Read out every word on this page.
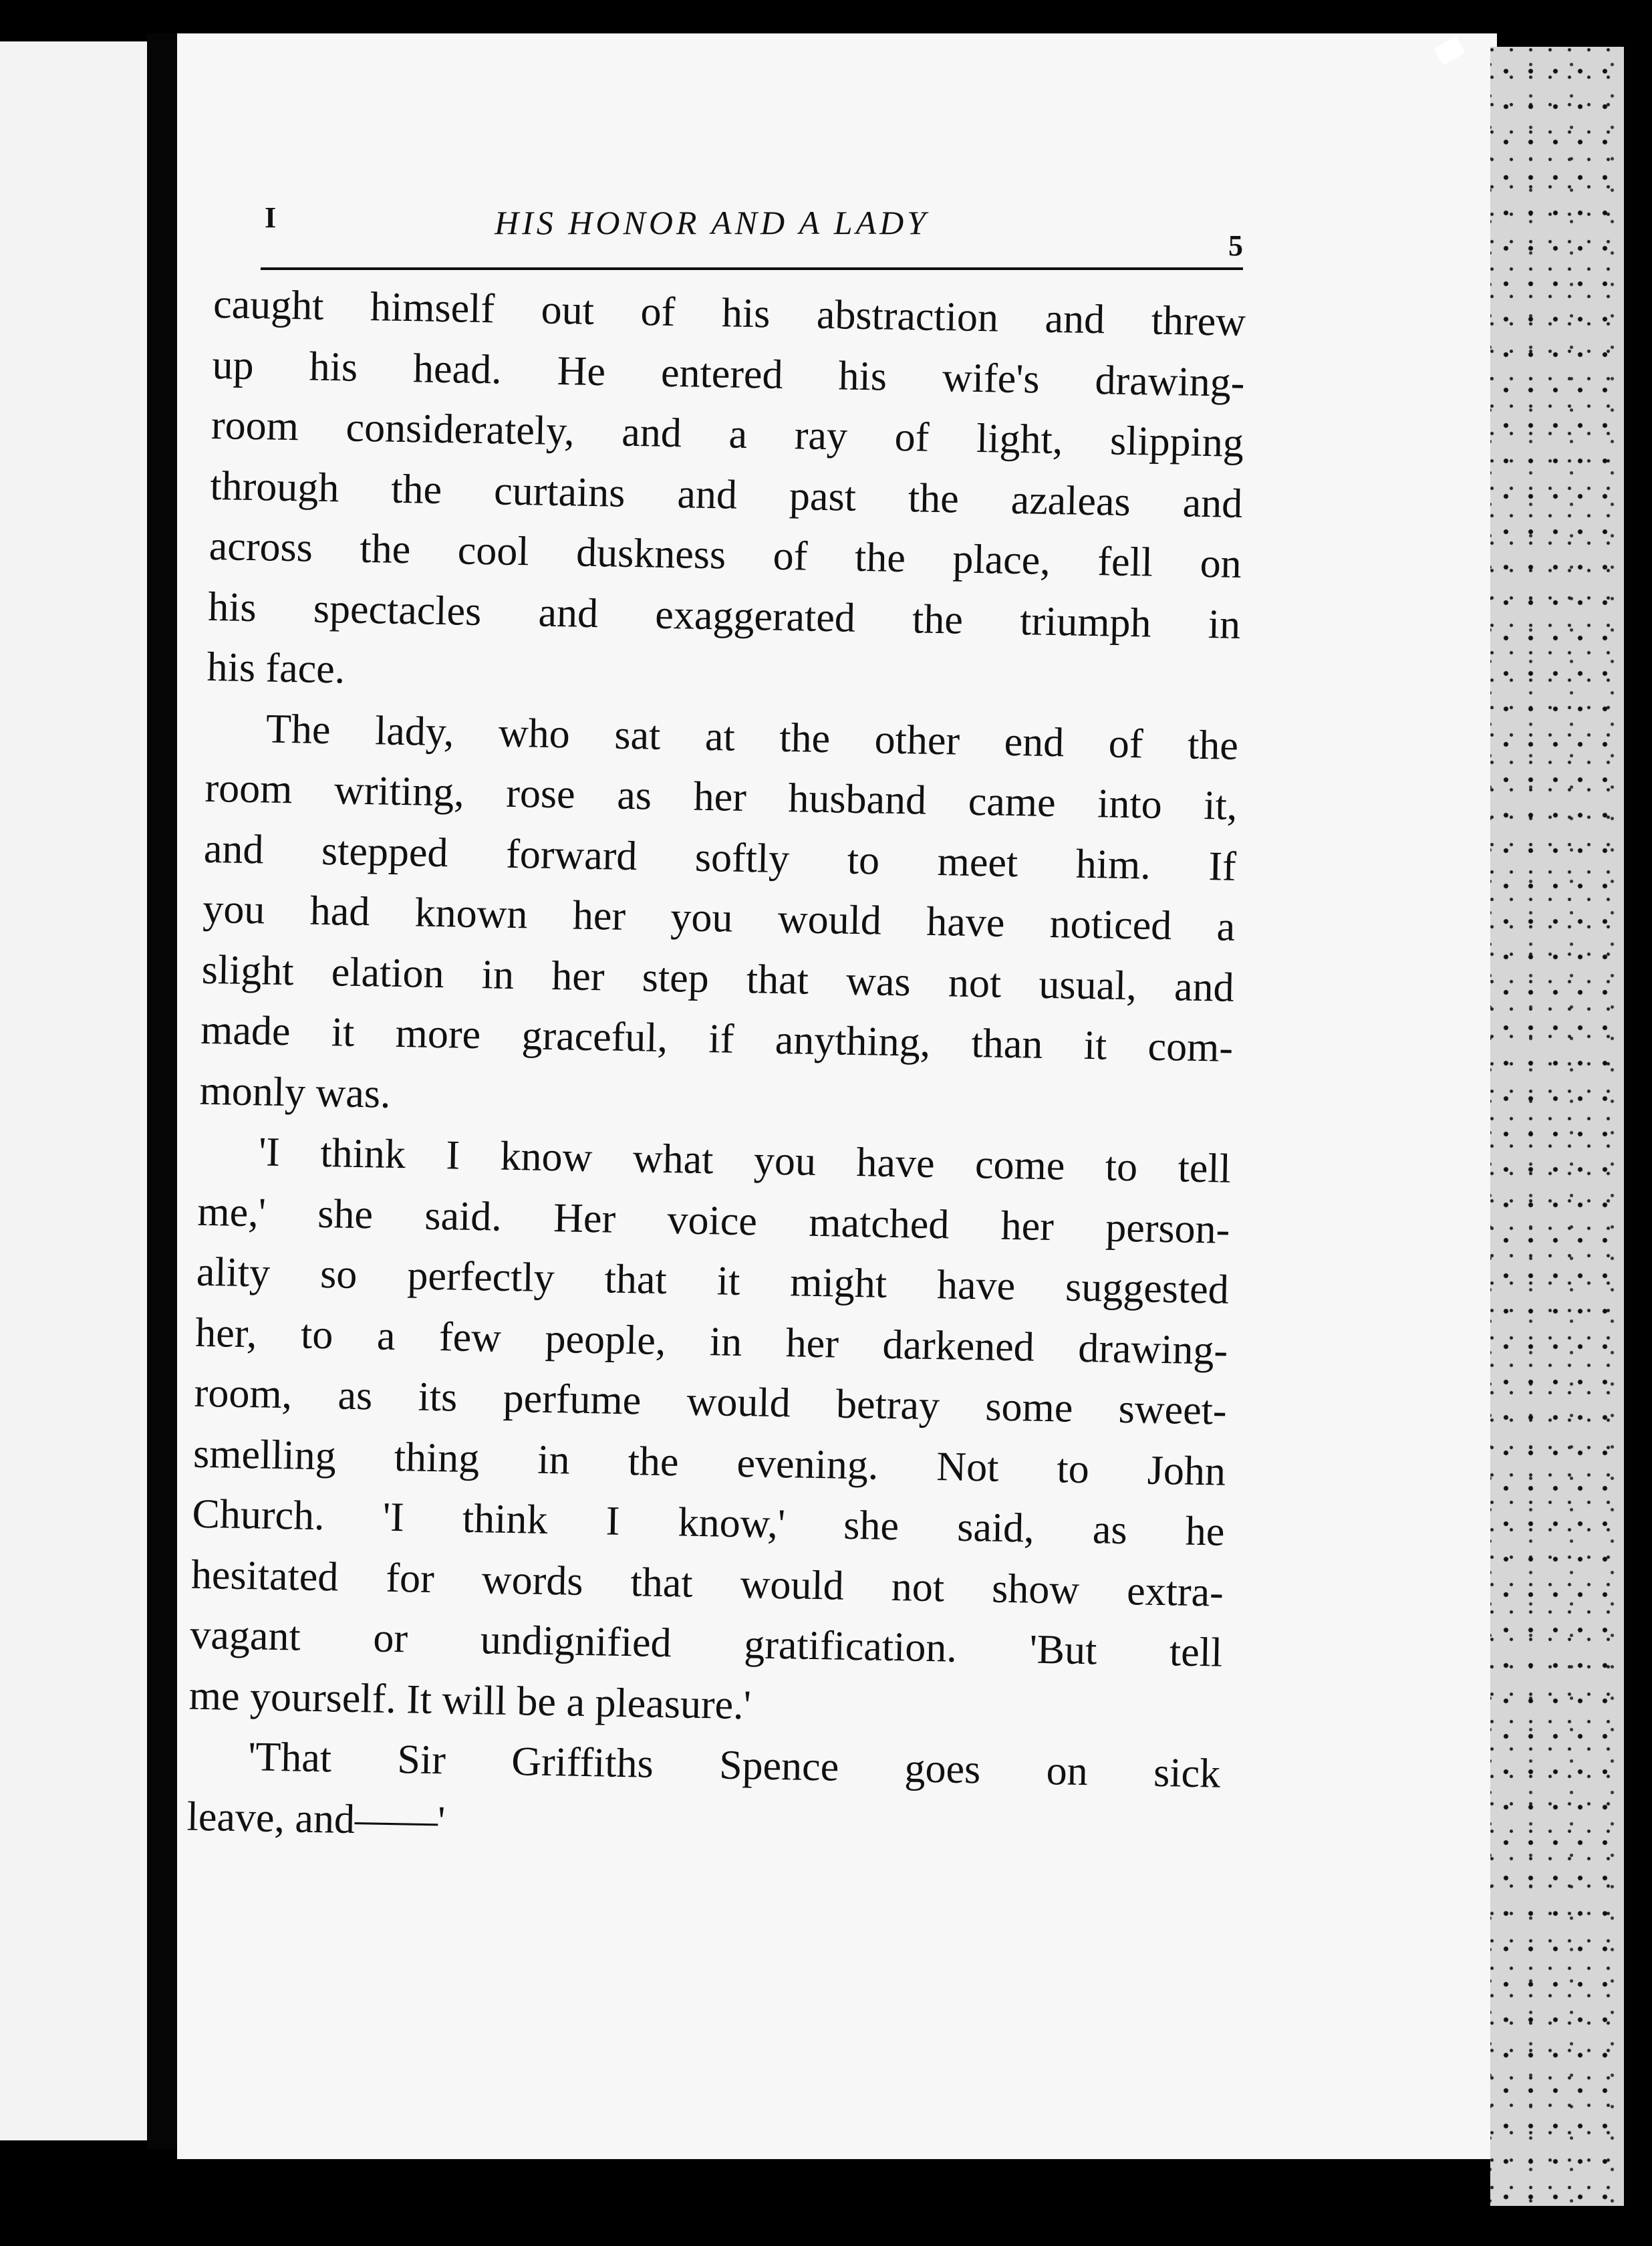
I	HIS HONOR AND A LADY
5
caught himself out of his abstraction and threw
up his head. He entered his wife's drawing-
room considerately, and a ray of light, slipping
through the curtains and past the azaleas and
across the cool duskness of the place, fell on
his spectacles and exaggerated the triumph in
his face.
The lady, who sat at the other end of the
room writing, rose as her husband came into it,
and stepped forward softly to meet him. If
you had known her you would have noticed a
slight elation in her step that was not usual, and
made it more graceful, if anything, than it com-
monly was.
'I think I know what you have come to tell
me,' she said. Her voice matched her person-
ality so perfectly that it might have suggested
her, to a few people, in her darkened drawing-
room, as its perfume would betray some sweet-
smelling thing in the evening. Not to John
Church. 'I think I know,' she said, as he
hesitated for words that would not show extra-
vagant or undignified gratification. 'But tell
me yourself. It will be a pleasure.'
'That Sir Griffiths Spence goes on sick
leave, and——'
